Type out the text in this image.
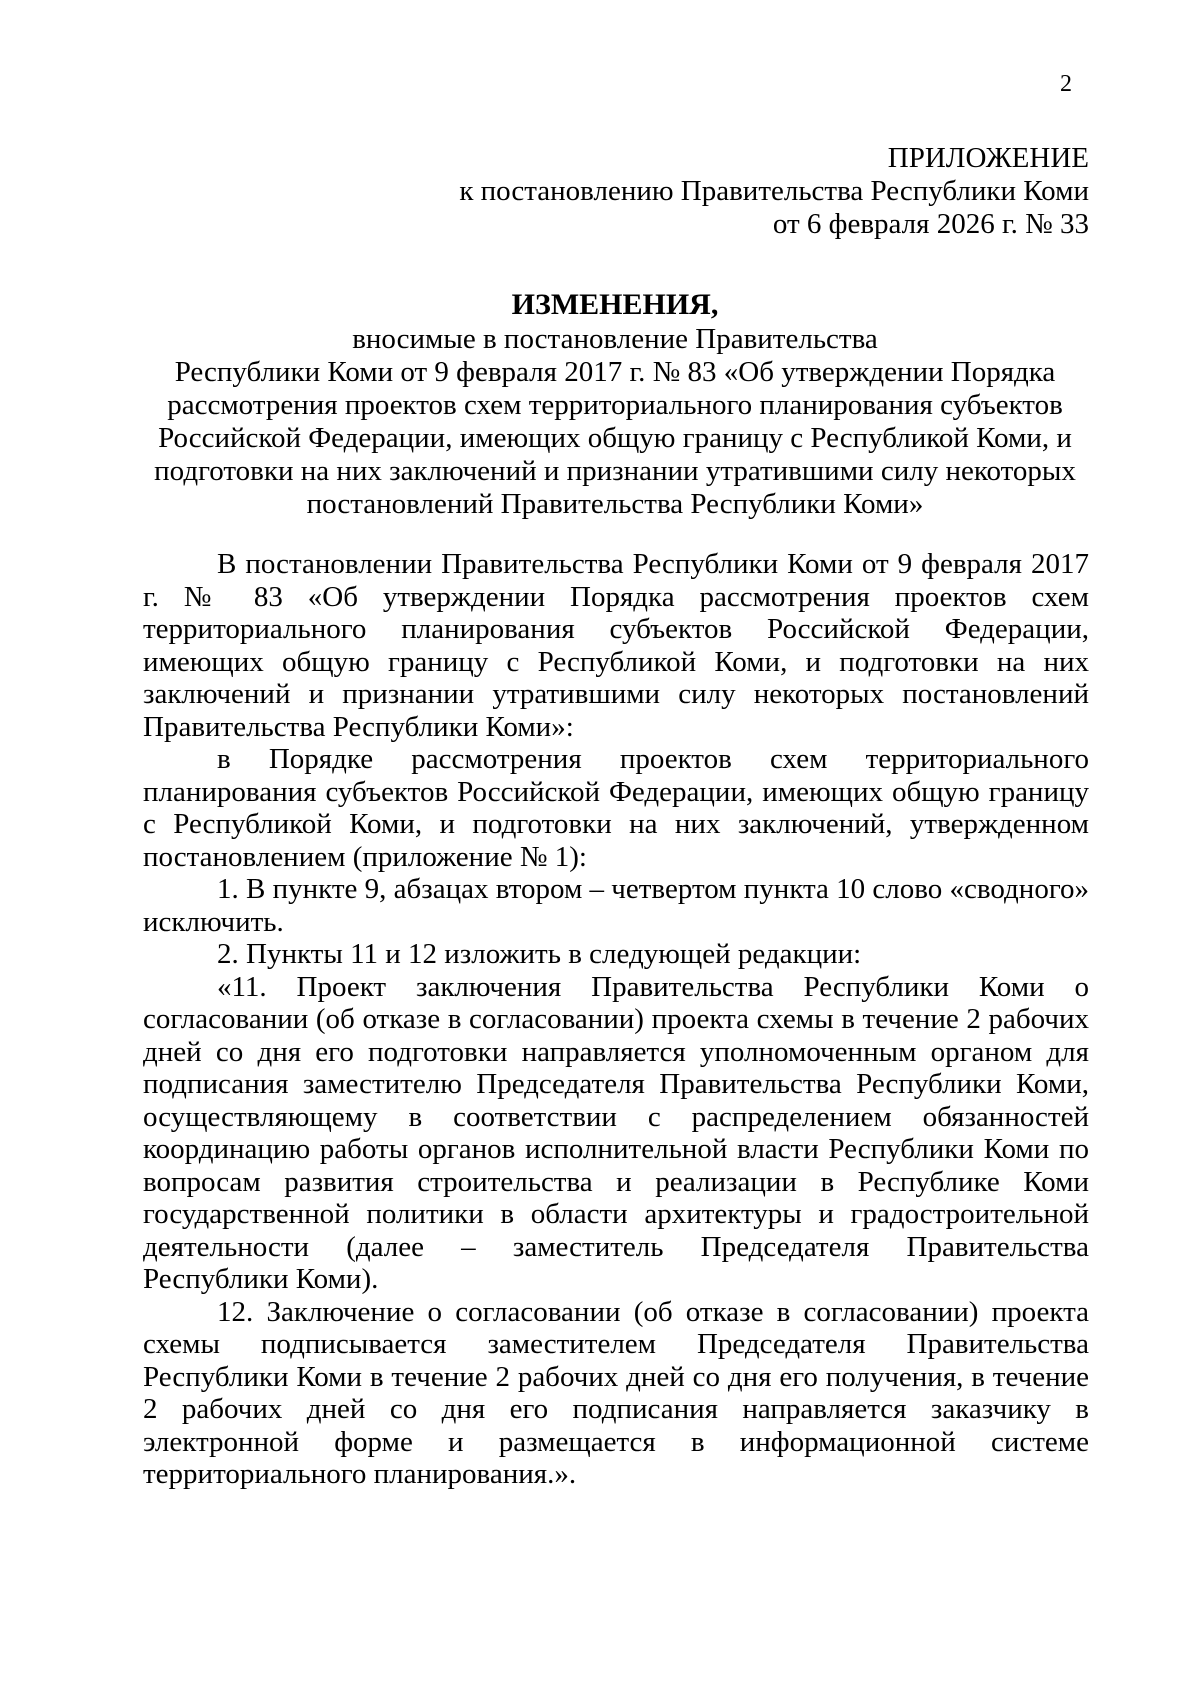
2
ПРИЛОЖЕНИЕ
к постановлению Правительства Республики Коми
от 6 февраля 2026 г. № 33
ИЗМЕНЕНИЯ,
вносимые в постановление Правительства
Республики Коми от 9 февраля 2017 г. № 83 «Об утверждении Порядка
рассмотрения проектов схем территориального планирования субъектов
Российской Федерации, имеющих общую границу с Республикой Коми, и
подготовки на них заключений и признании утратившими силу некоторых
постановлений Правительства Республики Коми»

В постановлении Правительства Республики Коми от 9 февраля 2017 г. № 83 «Об утверждении Порядка рассмотрения проектов схем территориального планирования субъектов Российской Федерации, имеющих общую границу с Республикой Коми, и подготовки на них заключений и признании утратившими силу некоторых постановлений Правительства Республики Коми»:

в Порядке рассмотрения проектов схем территориального планирования субъектов Российской Федерации, имеющих общую границу с Республикой Коми, и подготовки на них заключений, утвержденном постановлением (приложение № 1):

1. В пункте 9, абзацах втором – четвертом пункта 10 слово «сводного» исключить.

2. Пункты 11 и 12 изложить в следующей редакции:

«11. Проект заключения Правительства Республики Коми о согласовании (об отказе в согласовании) проекта схемы в течение 2 рабочих дней со дня его подготовки направляется уполномоченным органом для подписания заместителю Председателя Правительства Республики Коми, осуществляющему в соответствии с распределением обязанностей координацию работы органов исполнительной власти Республики Коми по вопросам развития строительства и реализации в Республике Коми государственной политики в области архитектуры и градостроительной деятельности (далее – заместитель Председателя Правительства Республики Коми).

12. Заключение о согласовании (об отказе в согласовании) проекта схемы подписывается заместителем Председателя Правительства Республики Коми в течение 2 рабочих дней со дня его получения, в течение 2 рабочих дней со дня его подписания направляется заказчику в электронной форме и размещается в информационной системе территориального планирования.».
